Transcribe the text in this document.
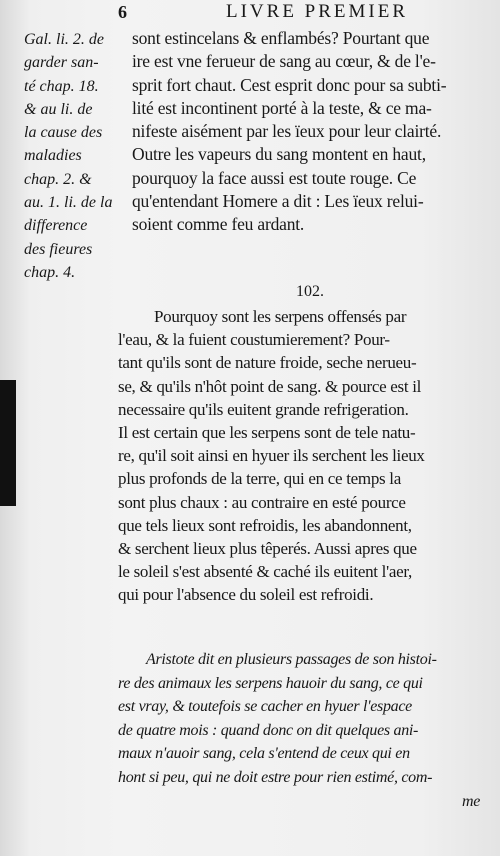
6	LIVRE PREMIER
Gal. li. 2. de
garder san-
té chap. 18.
& au li. de
la cause des
maladies
chap. 2. &
au. 1. li. de la
difference
des fieures
chap. 4.
sont estincelans & enflambés? Pourtant que
ire est vne ferueur de sang au cœur, & de l'e-
sprit fort chaut. Cest esprit donc pour sa subti-
lité est incontinent porté à la teste, & ce ma-
nifeste aisément par les ïeux pour leur clairté.
Outre les vapeurs du sang montent en haut,
pourquoy la face aussi est toute rouge. Ce
qu'entendant Homere a dit : Les ïeux relui-
soient comme feu ardant.
102.
Pourquoy sont les serpens offensés par
l'eau, & la fuient coustumierement? Pour-
tant qu'ils sont de nature froide, seche nerueu-
se, & qu'ils n'hôt point de sang. & pource est il
necessaire qu'ils euitent grande refrigeration.
Il est certain que les serpens sont de tele natu-
re, qu'il soit ainsi en hyuer ils serchent les lieux
plus profonds de la terre, qui en ce temps la
sont plus chaux : au contraire en esté pource
que tels lieux sont refroidis, les abandonnent,
& serchent lieux plus têperés. Aussi apres que
le soleil s'est absenté & caché ils euitent l'aer,
qui pour l'absence du soleil est refroidi.
Aristote dit en plusieurs passages de son histoi-
re des animaux les serpens hauoir du sang, ce qui
est vray, & toutefois se cacher en hyuer l'espace
de quatre mois : quand donc on dit quelques ani-
maux n'auoir sang, cela s'entend de ceux qui en
hont si peu, qui ne doit estre pour rien estimé, com-
me
